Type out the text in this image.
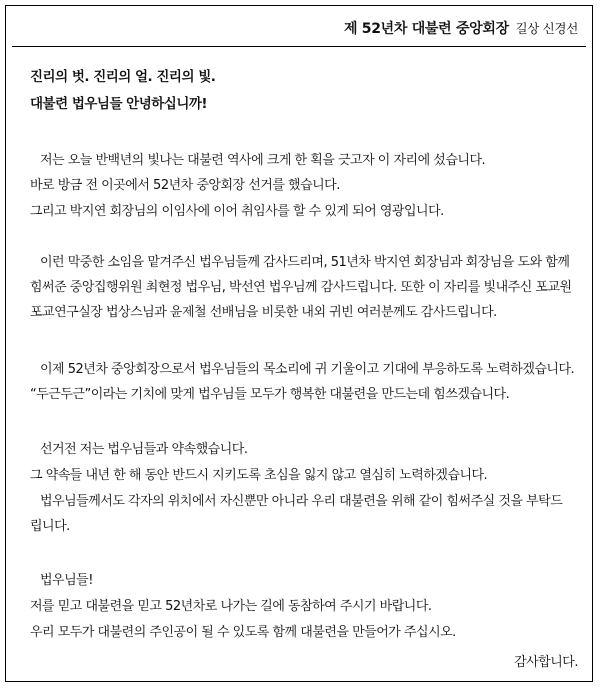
제 52년차 대불련 중앙회장 길상 신경선
진리의 벗. 진리의 얼. 진리의 빛.
대불련 법우님들 안녕하십니까!
저는 오늘 반백년의 빛나는 대불련 역사에 크게 한 획을 긋고자 이 자리에 섰습니다.
바로 방금 전 이곳에서 52년차 중앙회장 선거를 했습니다.
그리고 박지연 회장님의 이임사에 이어 취임사를 할 수 있게 되어 영광입니다.
이런 막중한 소임을 맡겨주신 법우님들께 감사드리며, 51년차 박지연 회장님과 회장님을 도와 함께
힘써준 중앙집행위원 최현정 법우님, 박선연 법우님께 감사드립니다. 또한 이 자리를 빛내주신 포교원
포교연구실장 법상스님과 윤제철 선배님을 비롯한 내외 귀빈 여러분께도 감사드립니다.
이제 52년차 중앙회장으로서 법우님들의 목소리에 귀 기울이고 기대에 부응하도록 노력하겠습니다.
“두근두근”이라는 기치에 맞게 법우님들 모두가 행복한 대불련을 만드는데 힘쓰겠습니다.
선거전 저는 법우님들과 약속했습니다.
그 약속들 내년 한 해 동안 반드시 지키도록 초심을 잃지 않고 열심히 노력하겠습니다.
법우님들께서도 각자의 위치에서 자신뿐만 아니라 우리 대불련을 위해 같이 힘써주실 것을 부탁드
립니다.
법우님들!
저를 믿고 대불련을 믿고 52년차로 나가는 길에 동참하여 주시기 바랍니다.
우리 모두가 대불련의 주인공이 될 수 있도록 함께 대불련을 만들어가 주십시오.
감사합니다.
